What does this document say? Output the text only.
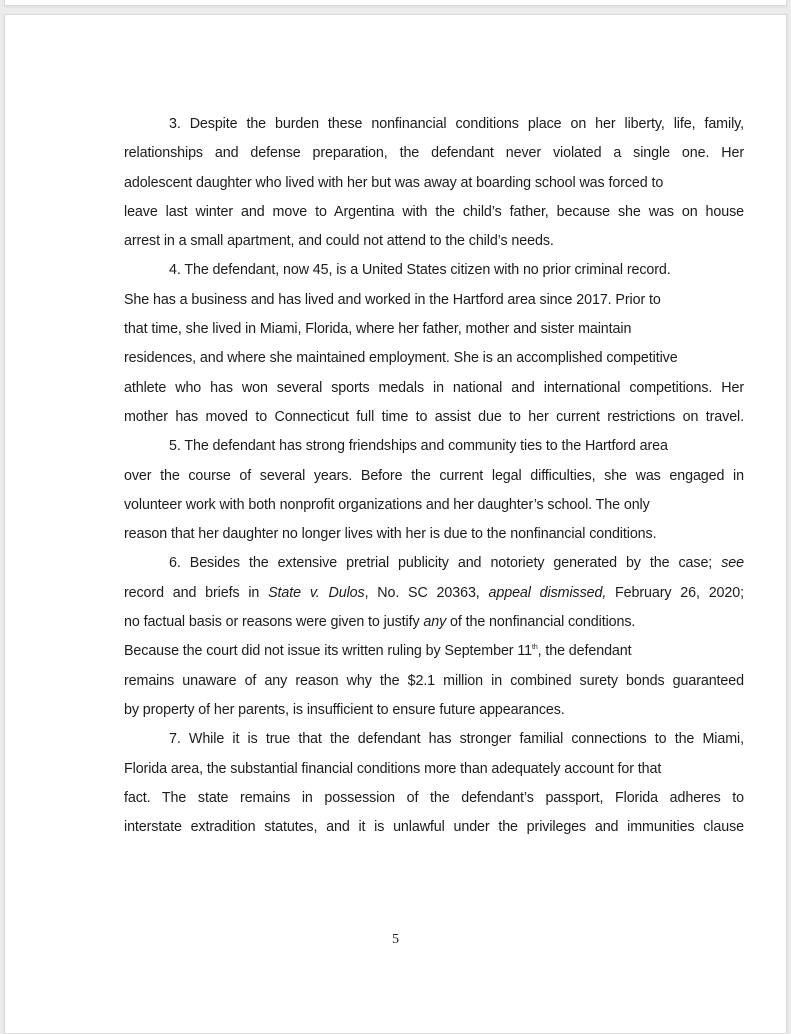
3. Despite the burden these nonfinancial conditions place on her liberty, life, family,
relationships and defense preparation, the defendant never violated a single one. Her
adolescent daughter who lived with her but was away at boarding school was forced to
leave last winter and move to Argentina with the child’s father, because she was on house
arrest in a small apartment, and could not attend to the child’s needs.
4. The defendant, now 45, is a United States citizen with no prior criminal record.
She has a business and has lived and worked in the Hartford area since 2017. Prior to
that time, she lived in Miami, Florida, where her father, mother and sister maintain
residences, and where she maintained employment. She is an accomplished competitive
athlete who has won several sports medals in national and international competitions. Her
mother has moved to Connecticut full time to assist due to her current restrictions on travel.
5. The defendant has strong friendships and community ties to the Hartford area
over the course of several years. Before the current legal difficulties, she was engaged in
volunteer work with both nonprofit organizations and her daughter’s school. The only
reason that her daughter no longer lives with her is due to the nonfinancial conditions.
6. Besides the extensive pretrial publicity and notoriety generated by the case; see
record and briefs in State v. Dulos, No. SC 20363, appeal dismissed, February 26, 2020;
no factual basis or reasons were given to justify any of the nonfinancial conditions.
Because the court did not issue its written ruling by September 11th, the defendant
remains unaware of any reason why the $2.1 million in combined surety bonds guaranteed
by property of her parents, is insufficient to ensure future appearances.
7. While it is true that the defendant has stronger familial connections to the Miami,
Florida area, the substantial financial conditions more than adequately account for that
fact. The state remains in possession of the defendant’s passport, Florida adheres to
interstate extradition statutes, and it is unlawful under the privileges and immunities clause
5
